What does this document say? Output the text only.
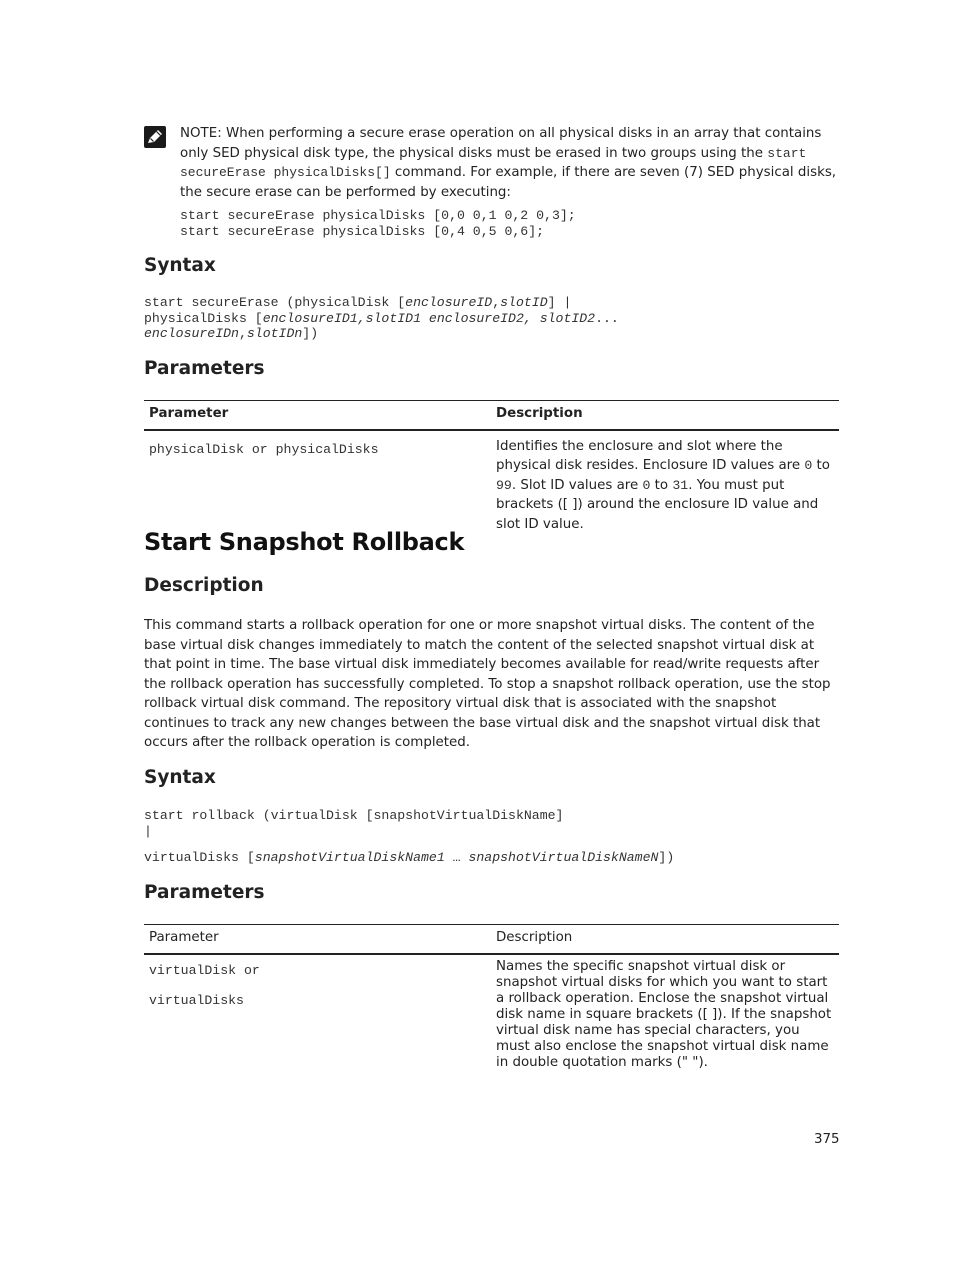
NOTE: When performing a secure erase operation on all physical disks in an array that contains only SED physical disk type, the physical disks must be erased in two groups using the start secureErase physicalDisks[] command. For example, if there are seven (7) SED physical disks, the secure erase can be performed by executing:

start secureErase physicalDisks [0,0 0,1 0,2 0,3];
start secureErase physicalDisks [0,4 0,5 0,6];
Syntax
start secureErase (physicalDisk [enclosureID,slotID] |
physicalDisks [enclosureID1,slotID1 enclosureID2, slotID2...
enclosureIDn,slotIDn])
Parameters
Parameter	Description
physicalDisk or physicalDisks	Identifies the enclosure and slot where the physical disk resides. Enclosure ID values are 0 to 99. Slot ID values are 0 to 31. You must put brackets ([ ]) around the enclosure ID value and slot ID value.
Start Snapshot Rollback
Description

This command starts a rollback operation for one or more snapshot virtual disks. The content of the base virtual disk changes immediately to match the content of the selected snapshot virtual disk at that point in time. The base virtual disk immediately becomes available for read/write requests after the rollback operation has successfully completed. To stop a snapshot rollback operation, use the stop rollback virtual disk command. The repository virtual disk that is associated with the snapshot continues to track any new changes between the base virtual disk and the snapshot virtual disk that occurs after the rollback operation is completed.

Syntax
start rollback (virtualDisk [snapshotVirtualDiskName]
|
virtualDisks [snapshotVirtualDiskName1 … snapshotVirtualDiskNameN])
Parameters
Parameter	Description

virtualDisk or
virtualDisks	Names the specific snapshot virtual disk or snapshot virtual disks for which you want to start a rollback operation. Enclose the snapshot virtual disk name in square brackets ([ ]). If the snapshot virtual disk name has special characters, you must also enclose the snapshot virtual disk name in double quotation marks (" ").
375
